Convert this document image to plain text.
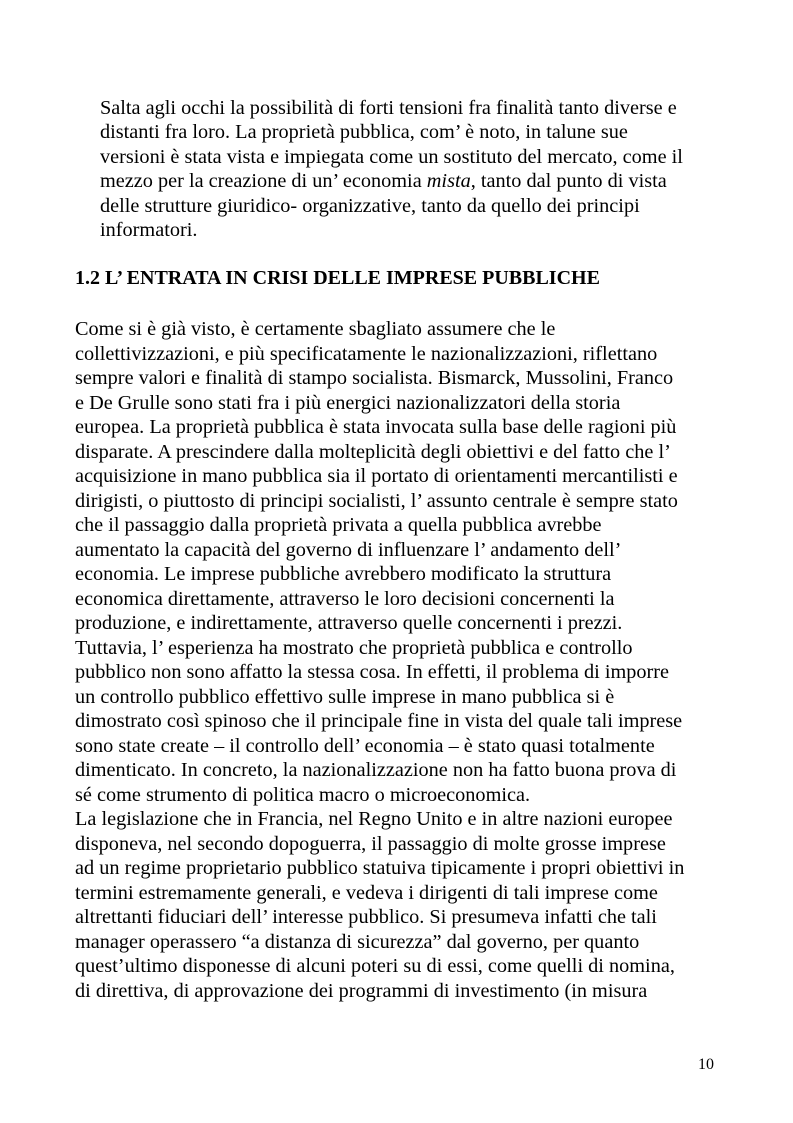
Salta agli occhi la possibilità di forti tensioni fra finalità tanto diverse e
distanti fra loro. La proprietà pubblica, com’ è noto, in talune sue
versioni è stata vista e impiegata come un sostituto del mercato, come il
mezzo per la creazione di un’ economia mista, tanto dal punto di vista
delle strutture giuridico- organizzative, tanto da quello dei principi
informatori.
1.2 L’ ENTRATA IN CRISI DELLE IMPRESE PUBBLICHE
Come si è già visto, è certamente sbagliato assumere che le
collettivizzazioni, e più specificatamente le nazionalizzazioni, riflettano
sempre valori e finalità di stampo socialista. Bismarck, Mussolini, Franco
e De Grulle sono stati fra i più energici nazionalizzatori della storia
europea. La proprietà pubblica è stata invocata sulla base delle ragioni più
disparate. A prescindere dalla molteplicità degli obiettivi e del fatto che l’
acquisizione in mano pubblica sia il portato di orientamenti mercantilisti e
dirigisti, o piuttosto di principi socialisti, l’ assunto centrale è sempre stato
che il passaggio dalla proprietà privata a quella pubblica avrebbe
aumentato la capacità del governo di influenzare l’ andamento dell’
economia. Le imprese pubbliche avrebbero modificato la struttura
economica direttamente, attraverso le loro decisioni concernenti la
produzione, e indirettamente, attraverso quelle concernenti i prezzi.
Tuttavia, l’ esperienza ha mostrato che proprietà pubblica e controllo
pubblico non sono affatto la stessa cosa. In effetti, il problema di imporre
un controllo pubblico effettivo sulle imprese in mano pubblica si è
dimostrato così spinoso che il principale fine in vista del quale tali imprese
sono state create – il controllo dell’ economia – è stato quasi totalmente
dimenticato. In concreto, la nazionalizzazione non ha fatto buona prova di
sé come strumento di politica macro o microeconomica.
La legislazione che in Francia, nel Regno Unito e in altre nazioni europee
disponeva, nel secondo dopoguerra, il passaggio di molte grosse imprese
ad un regime proprietario pubblico statuiva tipicamente i propri obiettivi in
termini estremamente generali, e vedeva i dirigenti di tali imprese come
altrettanti fiduciari dell’ interesse pubblico. Si presumeva infatti che tali
manager operassero “a distanza di sicurezza” dal governo, per quanto
quest’ultimo disponesse di alcuni poteri su di essi, come quelli di nomina,
di direttiva, di approvazione dei programmi di investimento (in misura
10
